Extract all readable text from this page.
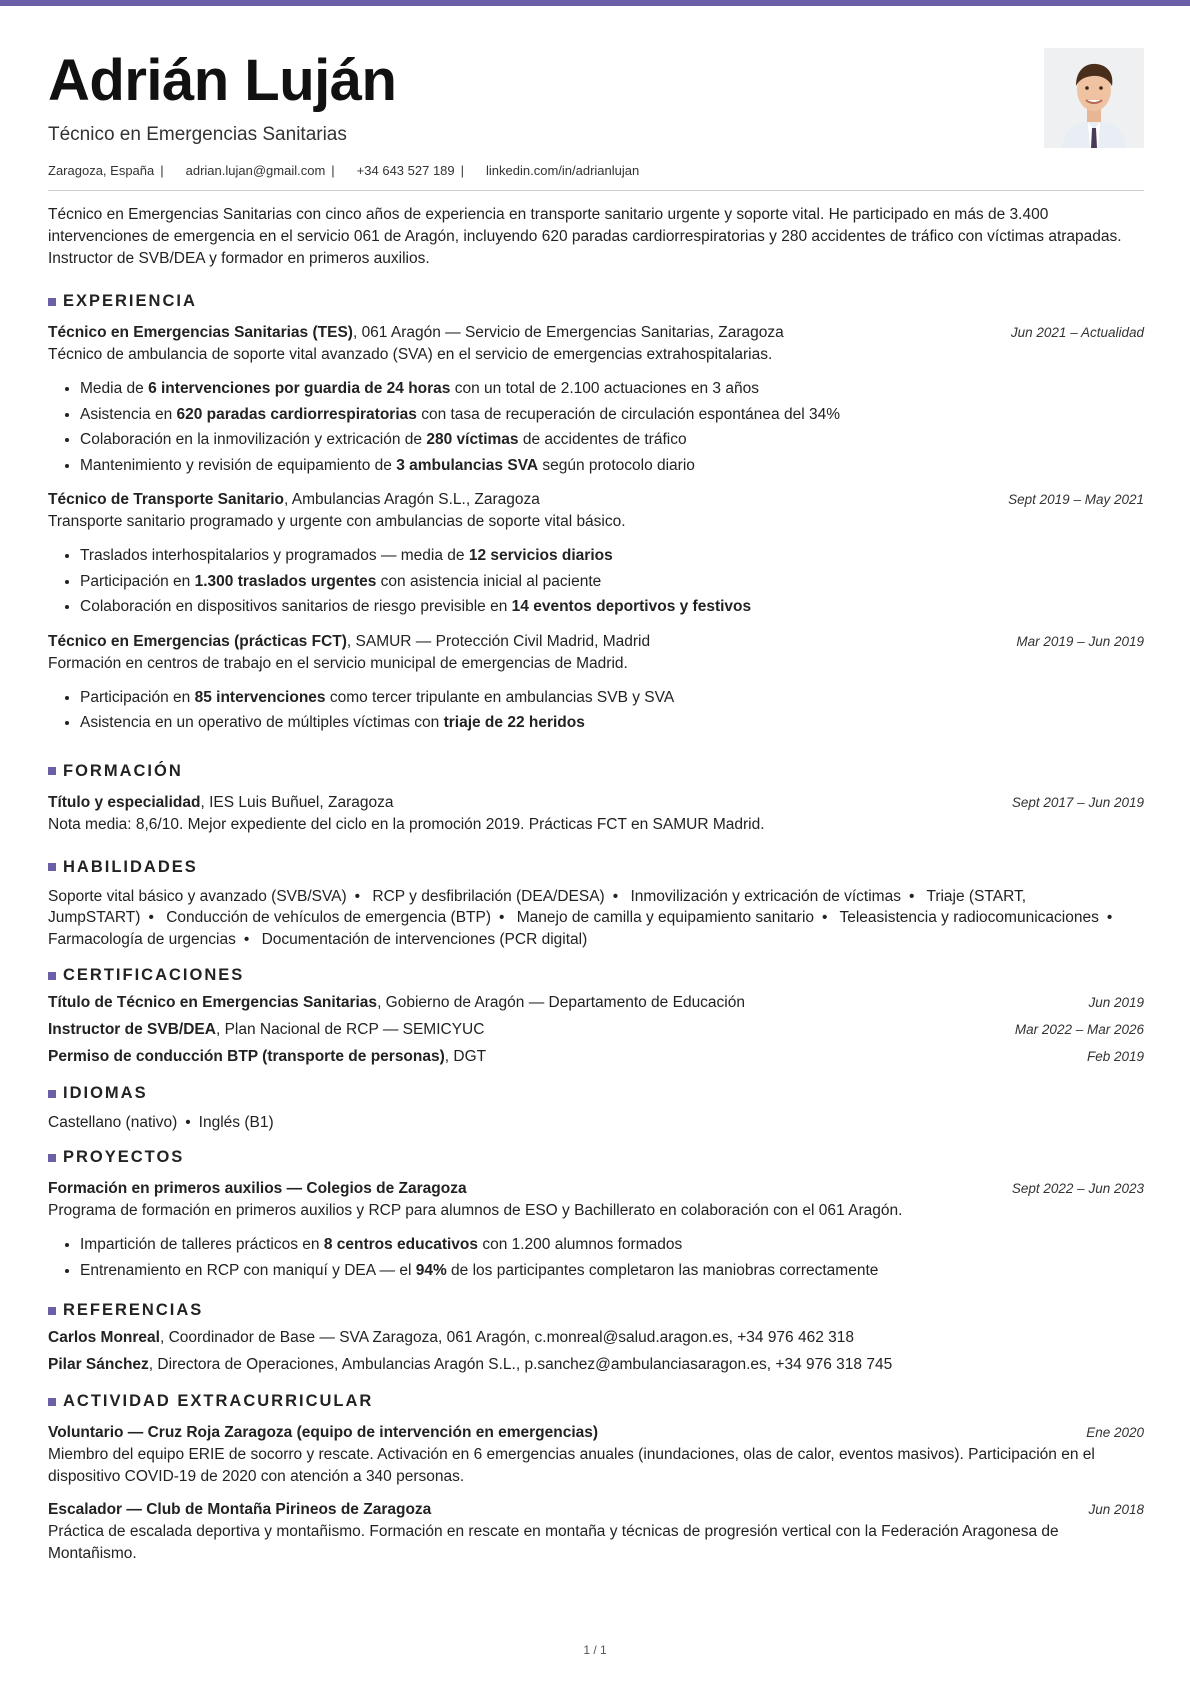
Adrián Luján
Técnico en Emergencias Sanitarias
Zaragoza, España | adrian.lujan@gmail.com | +34 643 527 189 | linkedin.com/in/adrianlujan
Técnico en Emergencias Sanitarias con cinco años de experiencia en transporte sanitario urgente y soporte vital. He participado en más de 3.400 intervenciones de emergencia en el servicio 061 de Aragón, incluyendo 620 paradas cardiorrespiratorias y 280 accidentes de tráfico con víctimas atrapadas. Instructor de SVB/DEA y formador en primeros auxilios.
EXPERIENCIA
Técnico en Emergencias Sanitarias (TES), 061 Aragón — Servicio de Emergencias Sanitarias, Zaragoza	Jun 2021 – Actualidad
Técnico de ambulancia de soporte vital avanzado (SVA) en el servicio de emergencias extrahospitalarias.
• Media de 6 intervenciones por guardia de 24 horas con un total de 2.100 actuaciones en 3 años
• Asistencia en 620 paradas cardiorrespiratorias con tasa de recuperación de circulación espontánea del 34%
• Colaboración en la inmovilización y extricación de 280 víctimas de accidentes de tráfico
• Mantenimiento y revisión de equipamiento de 3 ambulancias SVA según protocolo diario
Técnico de Transporte Sanitario, Ambulancias Aragón S.L., Zaragoza	Sept 2019 – May 2021
Transporte sanitario programado y urgente con ambulancias de soporte vital básico.
• Traslados interhospitalarios y programados — media de 12 servicios diarios
• Participación en 1.300 traslados urgentes con asistencia inicial al paciente
• Colaboración en dispositivos sanitarios de riesgo previsible en 14 eventos deportivos y festivos
Técnico en Emergencias (prácticas FCT), SAMUR — Protección Civil Madrid, Madrid	Mar 2019 – Jun 2019
Formación en centros de trabajo en el servicio municipal de emergencias de Madrid.
• Participación en 85 intervenciones como tercer tripulante en ambulancias SVB y SVA
• Asistencia en un operativo de múltiples víctimas con triaje de 22 heridos
FORMACIÓN
Título y especialidad, IES Luis Buñuel, Zaragoza	Sept 2017 – Jun 2019
Nota media: 8,6/10. Mejor expediente del ciclo en la promoción 2019. Prácticas FCT en SAMUR Madrid.
HABILIDADES
Soporte vital básico y avanzado (SVB/SVA) • RCP y desfibrilación (DEA/DESA) • Inmovilización y extricación de víctimas • Triaje (START, JumpSTART) • Conducción de vehículos de emergencia (BTP) • Manejo de camilla y equipamiento sanitario • Teleasistencia y radiocomunicaciones • Farmacología de urgencias • Documentación de intervenciones (PCR digital)
CERTIFICACIONES
Título de Técnico en Emergencias Sanitarias, Gobierno de Aragón — Departamento de Educación	Jun 2019
Instructor de SVB/DEA, Plan Nacional de RCP — SEMICYUC	Mar 2022 – Mar 2026
Permiso de conducción BTP (transporte de personas), DGT	Feb 2019
IDIOMAS
Castellano (nativo) • Inglés (B1)
PROYECTOS
Formación en primeros auxilios — Colegios de Zaragoza	Sept 2022 – Jun 2023
Programa de formación en primeros auxilios y RCP para alumnos de ESO y Bachillerato en colaboración con el 061 Aragón.
• Impartición de talleres prácticos en 8 centros educativos con 1.200 alumnos formados
• Entrenamiento en RCP con maniquí y DEA — el 94% de los participantes completaron las maniobras correctamente
REFERENCIAS
Carlos Monreal, Coordinador de Base — SVA Zaragoza, 061 Aragón, c.monreal@salud.aragon.es, +34 976 462 318
Pilar Sánchez, Directora de Operaciones, Ambulancias Aragón S.L., p.sanchez@ambulanciasaragon.es, +34 976 318 745
ACTIVIDAD EXTRACURRICULAR
Voluntario — Cruz Roja Zaragoza (equipo de intervención en emergencias)	Ene 2020
Miembro del equipo ERIE de socorro y rescate. Activación en 6 emergencias anuales (inundaciones, olas de calor, eventos masivos). Participación en el dispositivo COVID-19 de 2020 con atención a 340 personas.
Escalador — Club de Montaña Pirineos de Zaragoza	Jun 2018
Práctica de escalada deportiva y montañismo. Formación en rescate en montaña y técnicas de progresión vertical con la Federación Aragonesa de Montañismo.
1 / 1
